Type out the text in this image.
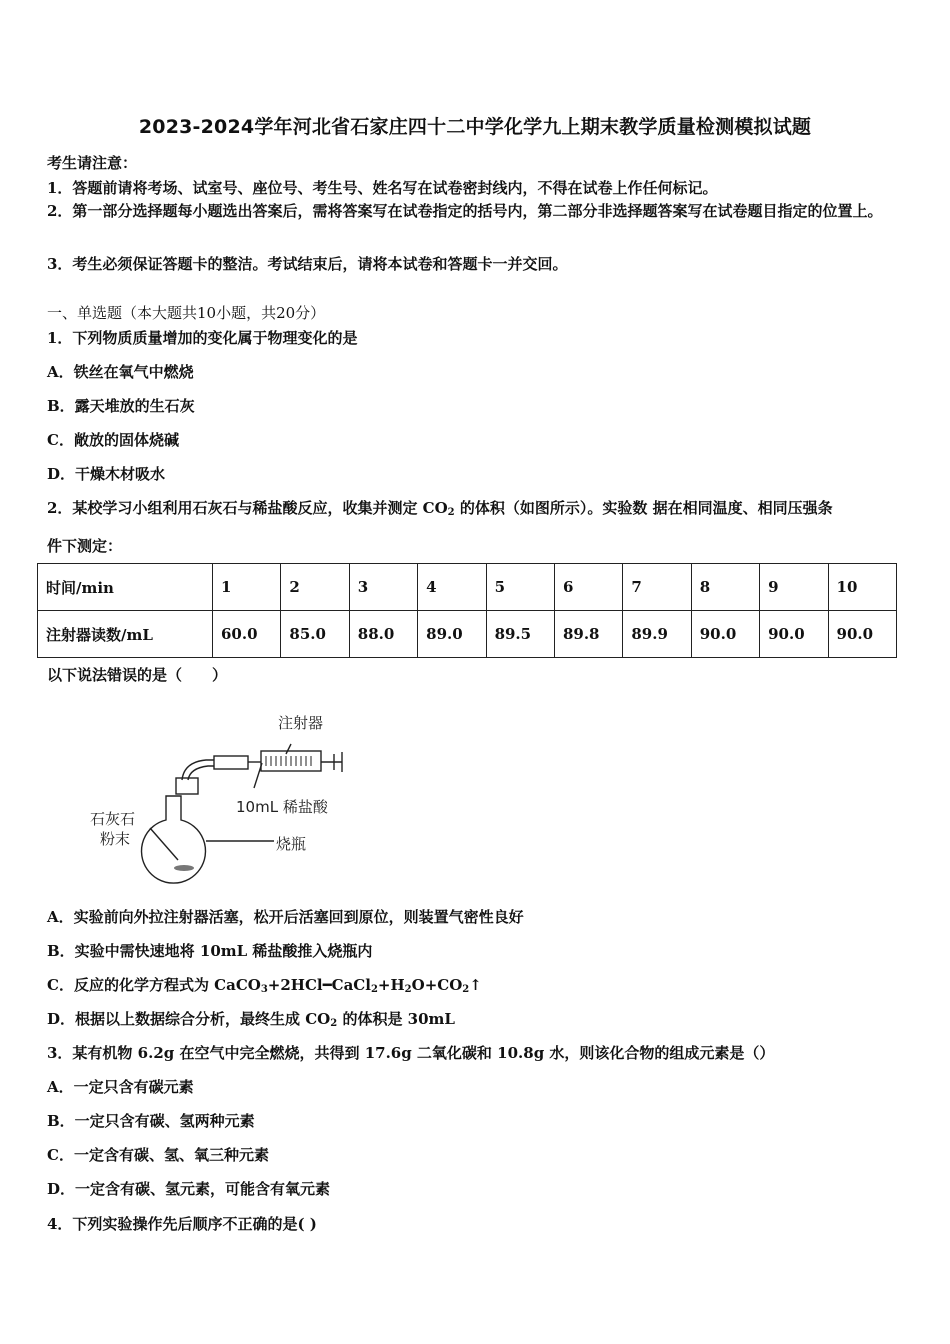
2023-2024学年河北省石家庄四十二中学化学九上期末教学质量检测模拟试题
考生请注意：
1．答题前请将考场、试室号、座位号、考生号、姓名写在试卷密封线内，不得在试卷上作任何标记。
2．第一部分选择题每小题选出答案后，需将答案写在试卷指定的括号内，第二部分非选择题答案写在试卷题目指定的位置上。
3．考生必须保证答题卡的整洁。考试结束后，请将本试卷和答题卡一并交回。
一、单选题（本大题共10小题，共20分）
1．下列物质质量增加的变化属于物理变化的是
A．铁丝在氧气中燃烧
B．露天堆放的生石灰
C．敞放的固体烧碱
D．干燥木材吸水
2．某校学习小组利用石灰石与稀盐酸反应，收集并测定 $CO_2$ 的体积（如图所示）。实验数 据在相同温度、相同压强条
件下测定：
时间/min	1	2	3	4	5	6	7	8	9	10
注射器读数/mL	60.0	85.0	88.0	89.0	89.5	89.8	89.9	90.0	90.0	90.0
以下说法错误的是（　　）
注射器
10mL 稀盐酸
石灰石
粉末	烧瓶
A．实验前向外拉注射器活塞，松开后活塞回到原位，则装置气密性良好
B．实验中需快速地将 10mL 稀盐酸推入烧瓶内
C．反应的化学方程式为 $CaCO_3+2HCl━CaCl_2+H_2O+CO_2↑$
D．根据以上数据综合分析，最终生成 $CO_2$ 的体积是 30mL
3．某有机物 6.2g 在空气中完全燃烧，共得到 17.6g 二氧化碳和 10.8g 水，则该化合物的组成元素是（）
A．一定只含有碳元素
B．一定只含有碳、氢两种元素
C．一定含有碳、氢、氧三种元素
D．一定含有碳、氢元素，可能含有氧元素
4．下列实验操作先后顺序不正确的是( )
